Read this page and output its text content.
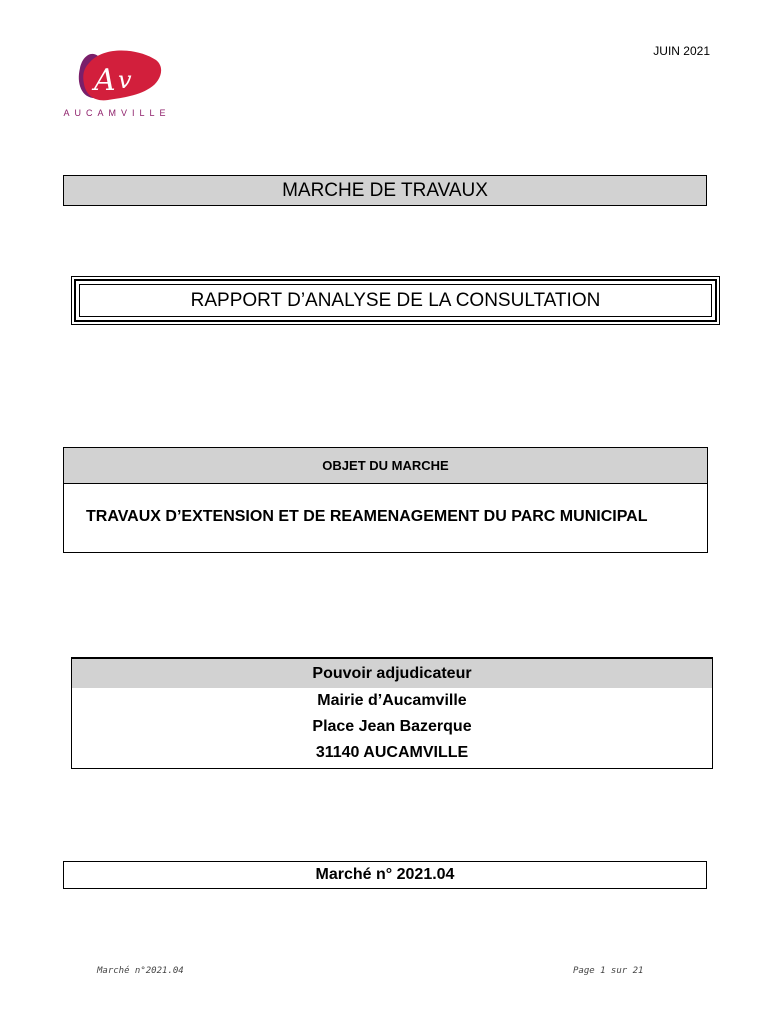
A v
AUCAMVILLE
JUIN 2021
MARCHE DE TRAVAUX
RAPPORT D’ANALYSE DE LA CONSULTATION
OBJET DU MARCHE
TRAVAUX D’EXTENSION ET DE REAMENAGEMENT DU PARC MUNICIPAL
Pouvoir adjudicateur
Mairie d’Aucamville
Place Jean Bazerque
31140 AUCAMVILLE
Marché n° 2021.04
Marché n°2021.04	Page 1 sur 21
